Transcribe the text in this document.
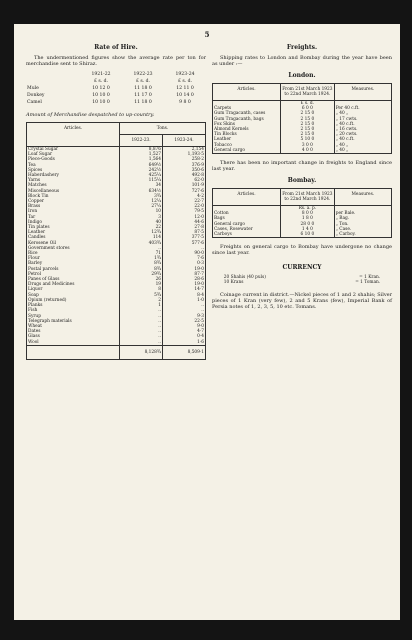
5
Rate of Hire.

The undermentioned figures show the average rate per ton for merchandise sent to Shiraz.

	1921-22	1922-23	1923-24
	£ s. d.	£ s. d.	£ s. d.
Mule	10 12 0	11 18 0	12 11 0
Donkey	10 10 0	11 17 0	10 14 0
Camel	10 10 0	11 18 0	9 8 0
Amount of Merchandise despatched to up-country.
Articles.	Tons.	
	1922-23.	1923-24.
Crystal Sugar	8,876	2,154
Loaf Sugar	1,527	1,193·5
Piece-Goods	1,564	258·2
Tea	649½	376·9
Spices	242½	350·6
Haberdashery	425¼	492·8
Yarns	115¼	62·0
Matches	34	101·9
Miscellaneous	634½	727·6
Block Tin	3¾	4·2
Copper	12¼	22·7
Brass	27¼	22·0
Iron	10	79·5
Tar	3	12·0
Indigo	40	44·6
Tin plates	22	27·8
Leather	12¾	87·5
Candles	114	377·5
Kerosene Oil	403¾	577·6
Government stores	..	..
Rice	71	90·0
Flour	1¾	7·6
Barley	8¾	0·3
Postal parcels	8¾	19·0
Petrol	29¾	87·7
Panes of Glass	26	28·6
Drugs and Medicines	19	19·0
Liquor	8	14·7
Soap	5¾	8·4
Opium (returned)	2	1·0
Planks	1	..
Fish	..	..
Syrup	..	9·3
Telegraph materials	..	22·5
Wheat	..	9·0
Dates	..	4·7
Glass	..	0·4
Wool	..	1·6
	8,128¾	8,509·1
Freights.

Shipping rates to London and Bombay during the year have been as under :—

London.
Articles.	From 21st March 1923 to 22nd March 1924.	Measures.
	£ s. d.	
Carpets	6 0 0	Per 40 c.ft.
Gum Tragacanth, cases	2 15 0	„ 40 „
Gum Tragacanth, bags	2 15 0	„ 17 cwts.
Fox Skins	2 15 0	„ 40 c.ft.
Almond Kernels	2 15 0	„ 16 cwts.
Tin Blocks	2 15 0	„ 20 cwts.
Leather	5 10 0	„ 40 c.ft.
Tobacco	3 0 0	„ 40 „
General cargo	4 0 0	„ 40 „

There has been no important change in freights to England since last year.

Bombay.
Articles.	From 21st March 1923 to 22nd March 1924.	Measures.
	Rs. a. p.	
Cotton	8 0 0	per Bale.
Bags	1 8 0	„ Bag.
General cargo	28 0 0	„ Ton.
Cases, Rosewater	1 4 0	„ Case.
Carboys	6 10 0	„ Carboy.

Freights on general cargo to Bombay have undergone no change since last year.

CURRENCY
20 Shahis (40 puls)	= 1 Kran.
10 Krans	= 1 Toman.

Coinage current in district.—Nickel pieces of 1 and 2 shahis; Silver pieces of 1 Kran (very few), 2 and 5 Krans (few), Imperial Bank of Persia notes of 1, 2, 3, 5, 10 etc. Tomans.
